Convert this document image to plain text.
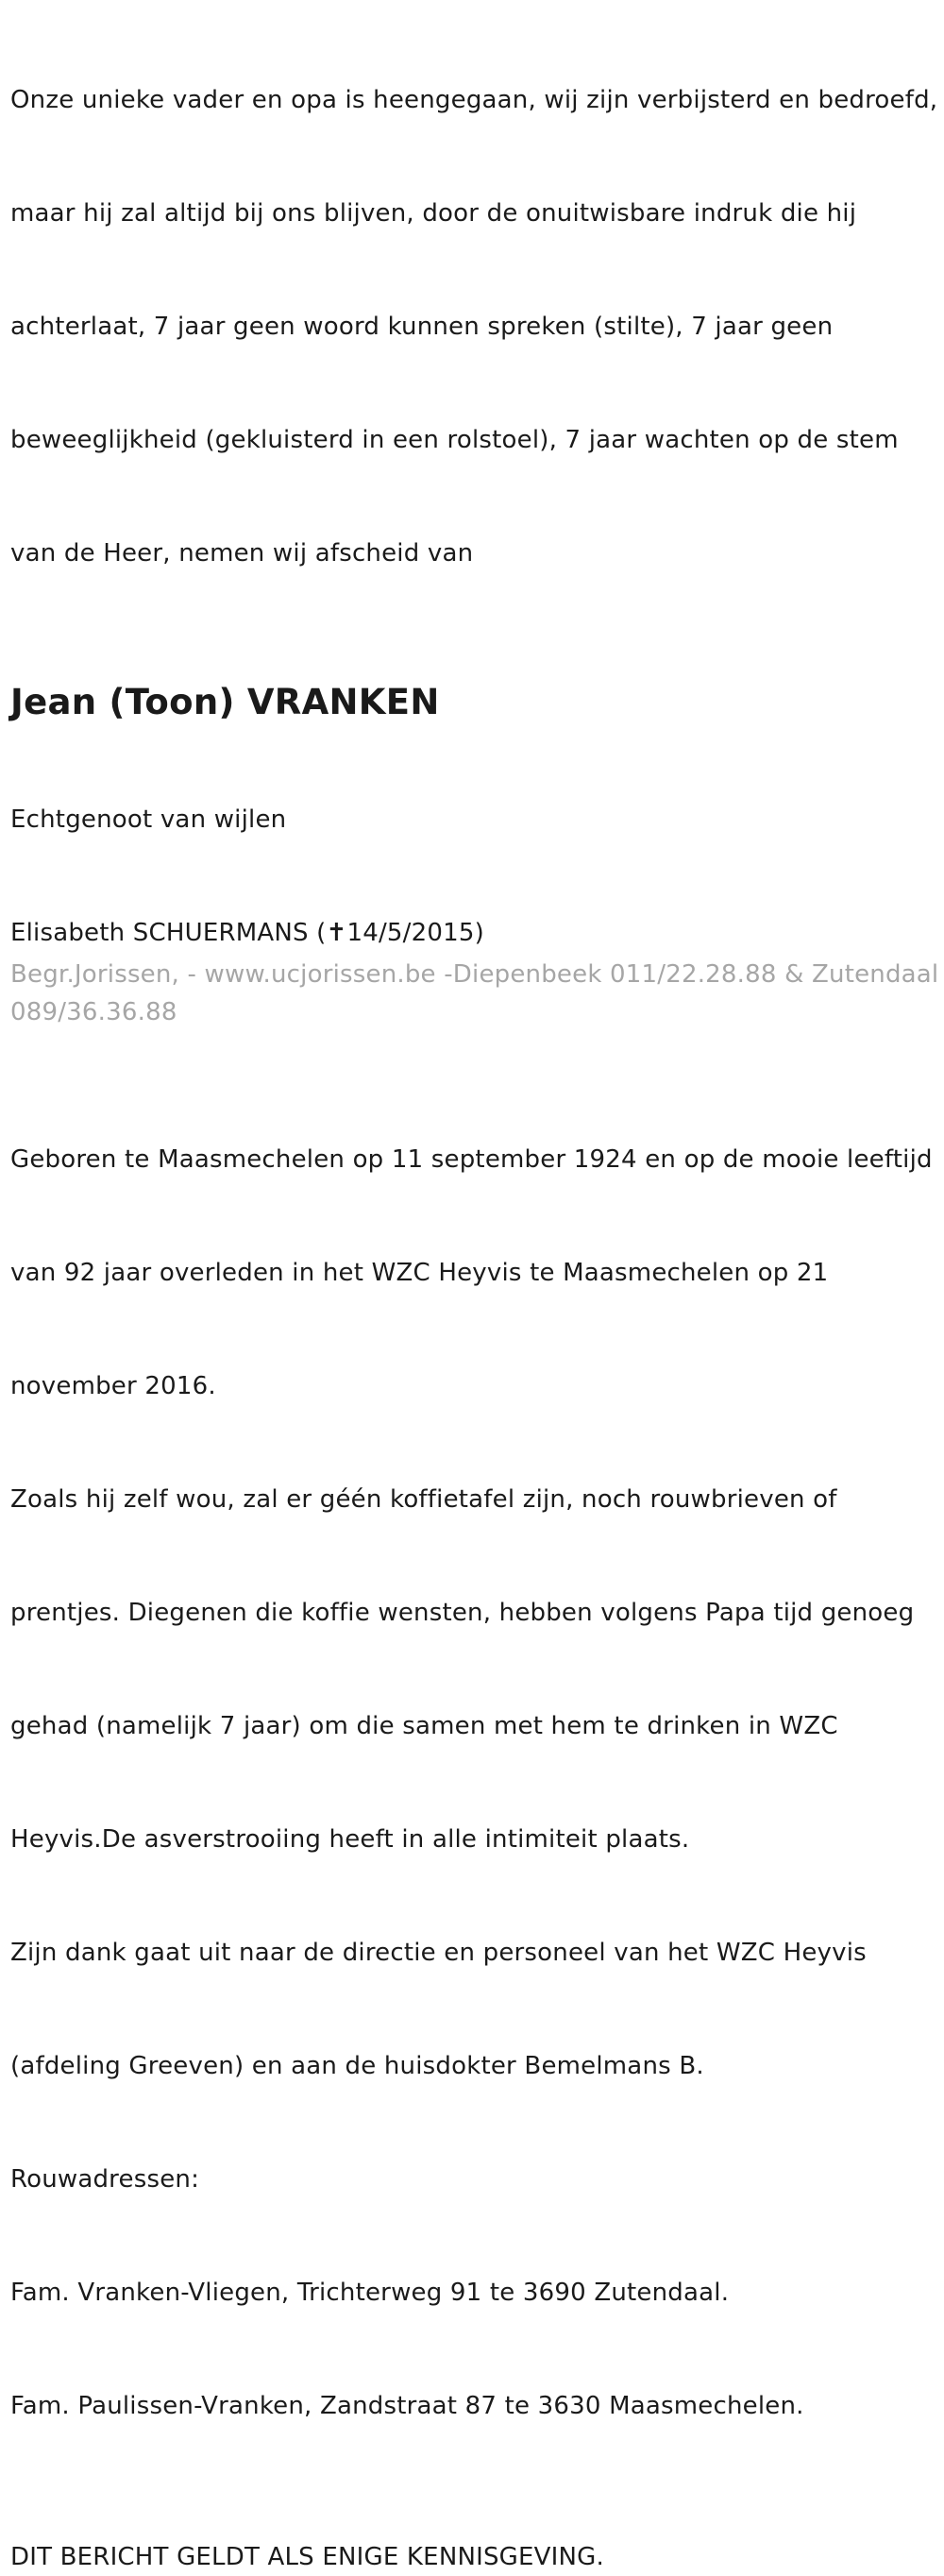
Onze unieke vader en opa is heengegaan, wij zijn verbijsterd en bedroefd,

maar hij zal altijd bij ons blijven, door de onuitwisbare indruk die hij

achterlaat, 7 jaar geen woord kunnen spreken (stilte), 7 jaar geen

beweeglijkheid (gekluisterd in een rolstoel), 7 jaar wachten op de stem

van de Heer, nemen wij afscheid van

Jean (Toon) VRANKEN

Echtgenoot van wijlen

Elisabeth SCHUERMANS (✝14/5/2015)

Geboren te Maasmechelen op 11 september 1924 en op de mooie leeftijd

van 92 jaar overleden in het WZC Heyvis te Maasmechelen op 21

november 2016.

Zoals hij zelf wou, zal er géén koffietafel zijn, noch rouwbrieven of

prentjes. Diegenen die koffie wensten, hebben volgens Papa tijd genoeg

gehad (namelijk 7 jaar) om die samen met hem te drinken in WZC

Heyvis.De asverstrooiing heeft in alle intimiteit plaats.

Zijn dank gaat uit naar de directie en personeel van het WZC Heyvis

(afdeling Greeven) en aan de huisdokter Bemelmans B.

Rouwadressen:

Fam. Vranken-Vliegen, Trichterweg 91 te 3690 Zutendaal.

Fam. Paulissen-Vranken, Zandstraat 87 te 3630 Maasmechelen.

DIT BERICHT GELDT ALS ENIGE KENNISGEVING.

Begr.Jorissen, - www.ucjorissen.be -Diepenbeek 011/22.28.88 & Zutendaal
089/36.36.88
